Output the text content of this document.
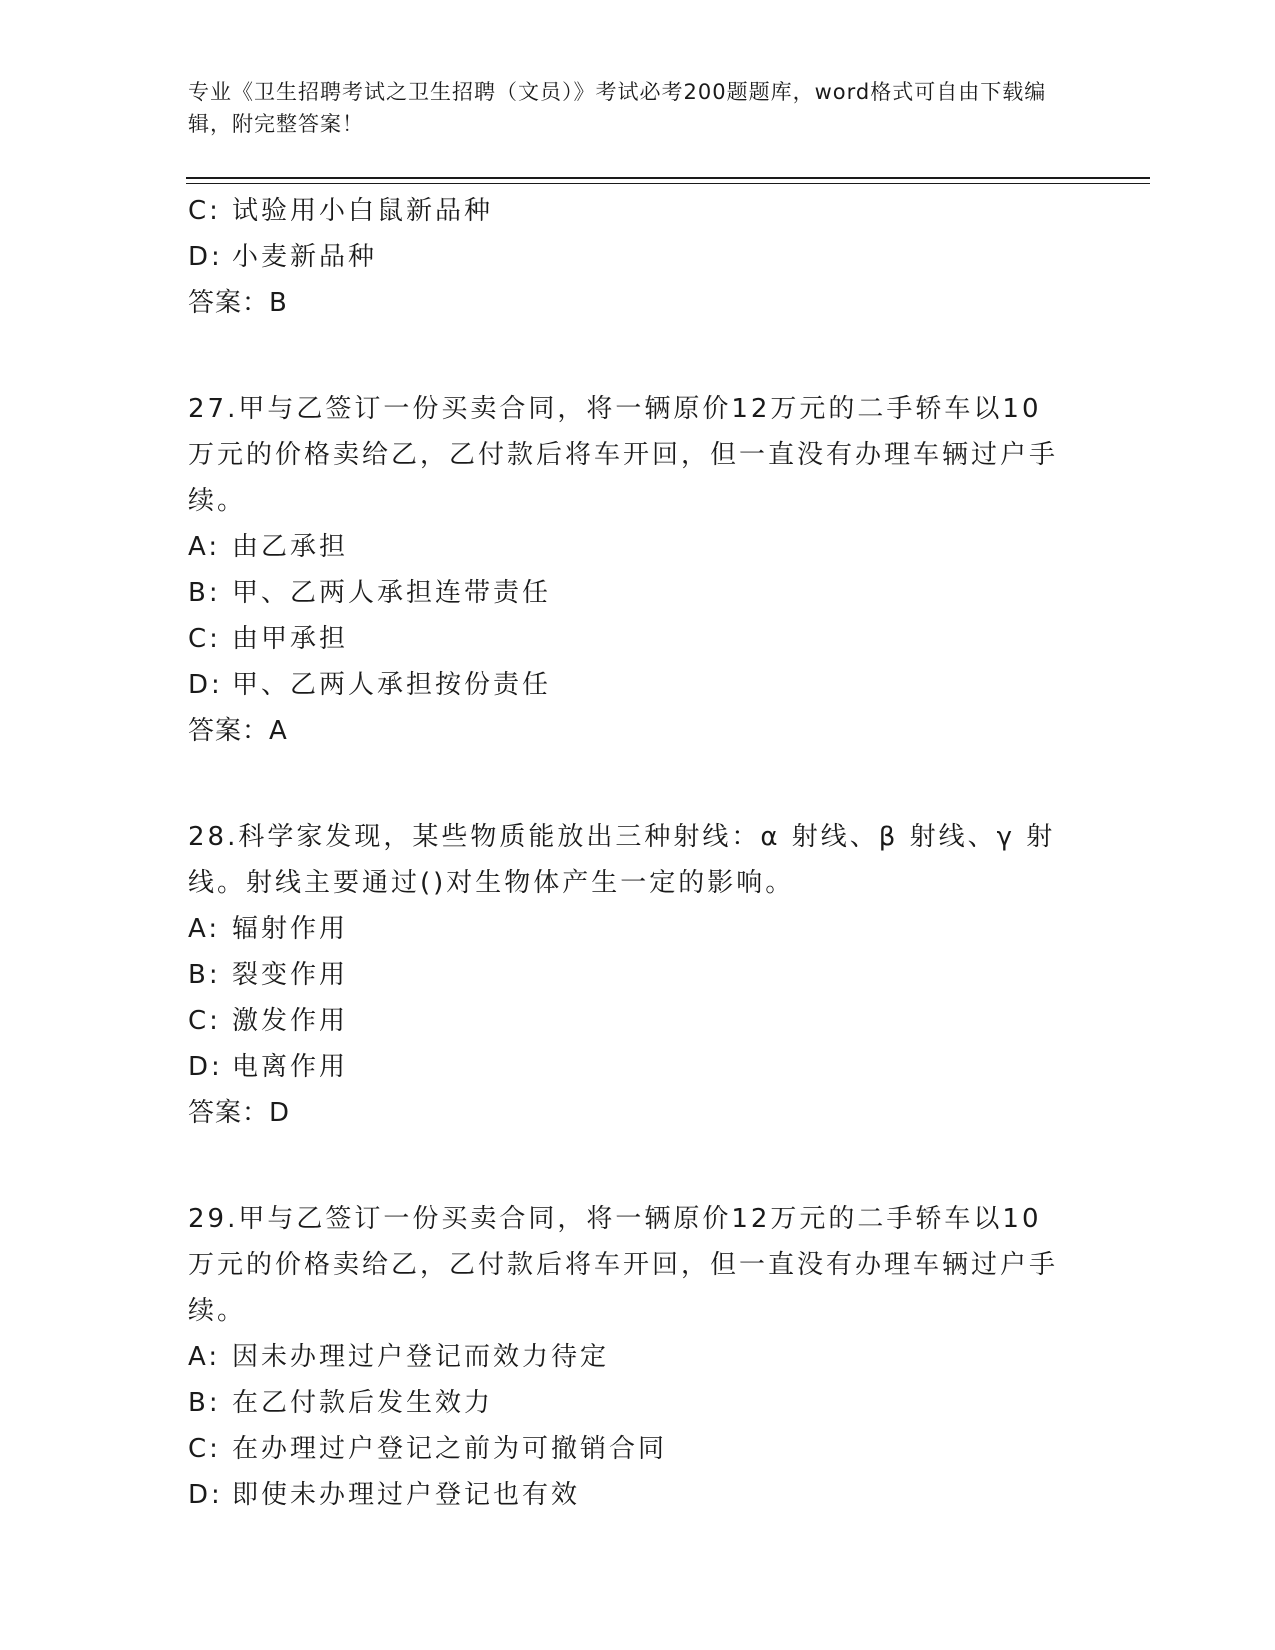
专业《卫生招聘考试之卫生招聘（文员）》考试必考200题题库，word格式可自由下载编辑，附完整答案！
C: 试验用小白鼠新品种
D: 小麦新品种
答案：B
27.甲与乙签订一份买卖合同，将一辆原价12万元的二手轿车以10万元的价格卖给乙，乙付款后将车开回，但一直没有办理车辆过户手续。
A: 由乙承担
B: 甲、乙两人承担连带责任
C: 由甲承担
D: 甲、乙两人承担按份责任
答案：A
28.科学家发现，某些物质能放出三种射线：α 射线、β 射线、γ 射线。射线主要通过()对生物体产生一定的影响。
A: 辐射作用
B: 裂变作用
C: 激发作用
D: 电离作用
答案：D
29.甲与乙签订一份买卖合同，将一辆原价12万元的二手轿车以10万元的价格卖给乙，乙付款后将车开回，但一直没有办理车辆过户手续。
A: 因未办理过户登记而效力待定
B: 在乙付款后发生效力
C: 在办理过户登记之前为可撤销合同
D: 即使未办理过户登记也有效
